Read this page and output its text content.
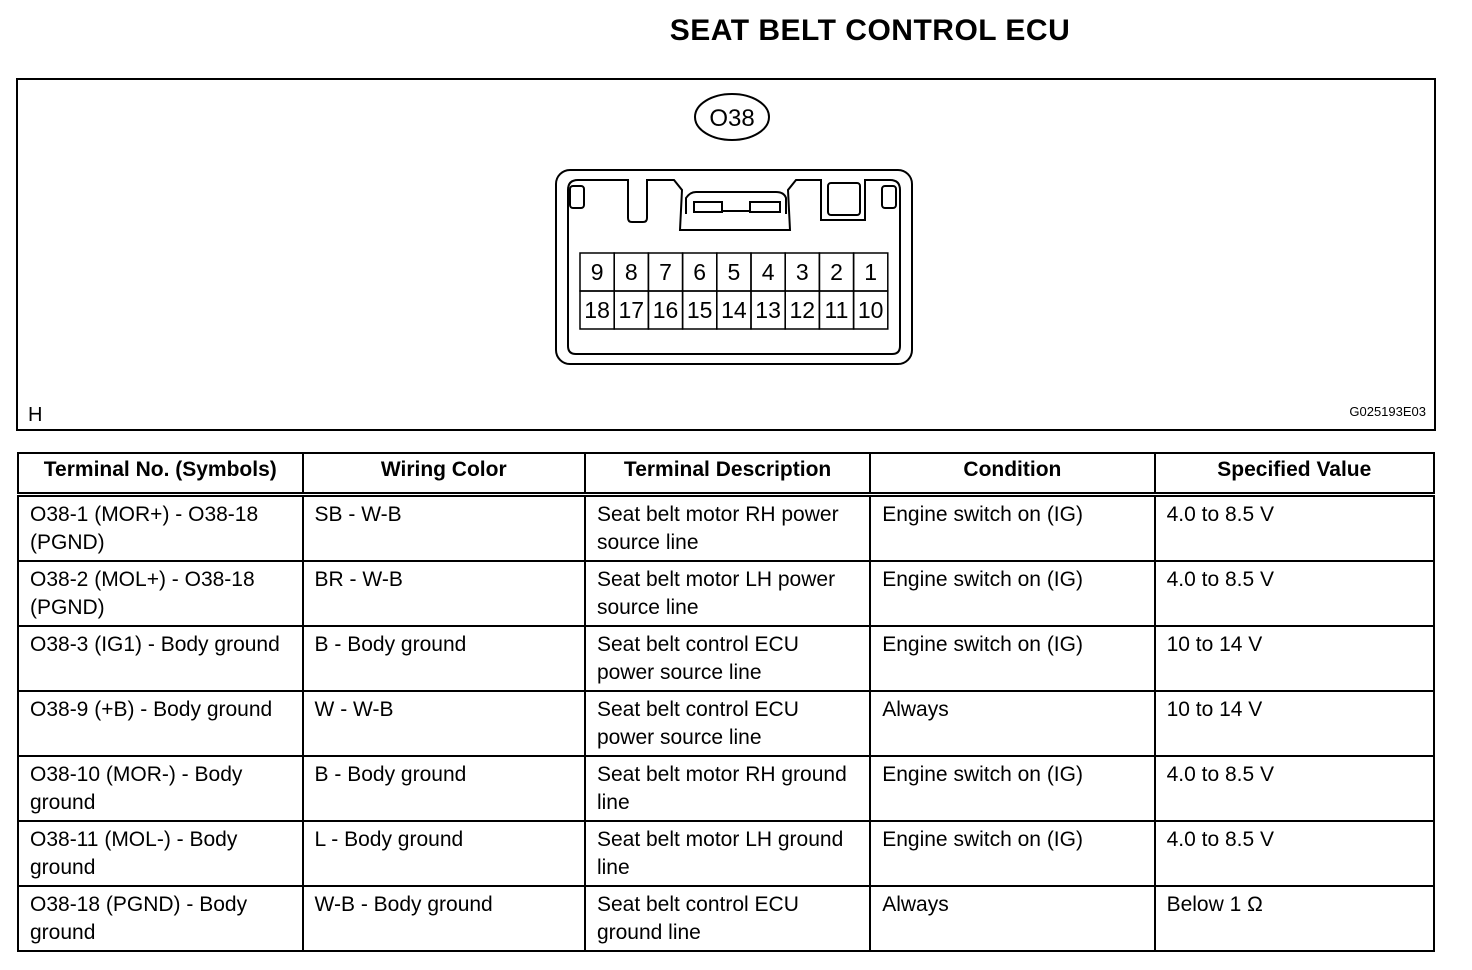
SEAT BELT CONTROL ECU
O38
9 8 7 6 5 4 3 2 1
18 17 16 15 14 13 12 11 10
H	G025193E03
Terminal No. (Symbols)	Wiring Color	Terminal Description	Condition	Specified Value
O38-1 (MOR+) - O38-18 (PGND)	SB - W-B	Seat belt motor RH power source line	Engine switch on (IG)	4.0 to 8.5 V
O38-2 (MOL+) - O38-18 (PGND)	BR - W-B	Seat belt motor LH power source line	Engine switch on (IG)	4.0 to 8.5 V
O38-3 (IG1) - Body ground	B - Body ground	Seat belt control ECU power source line	Engine switch on (IG)	10 to 14 V
O38-9 (+B) - Body ground	W - W-B	Seat belt control ECU power source line	Always	10 to 14 V
O38-10 (MOR-) - Body ground	B - Body ground	Seat belt motor RH ground line	Engine switch on (IG)	4.0 to 8.5 V
O38-11 (MOL-) - Body ground	L - Body ground	Seat belt motor LH ground line	Engine switch on (IG)	4.0 to 8.5 V
O38-18 (PGND) - Body ground	W-B - Body ground	Seat belt control ECU ground line	Always	Below 1 Ω
